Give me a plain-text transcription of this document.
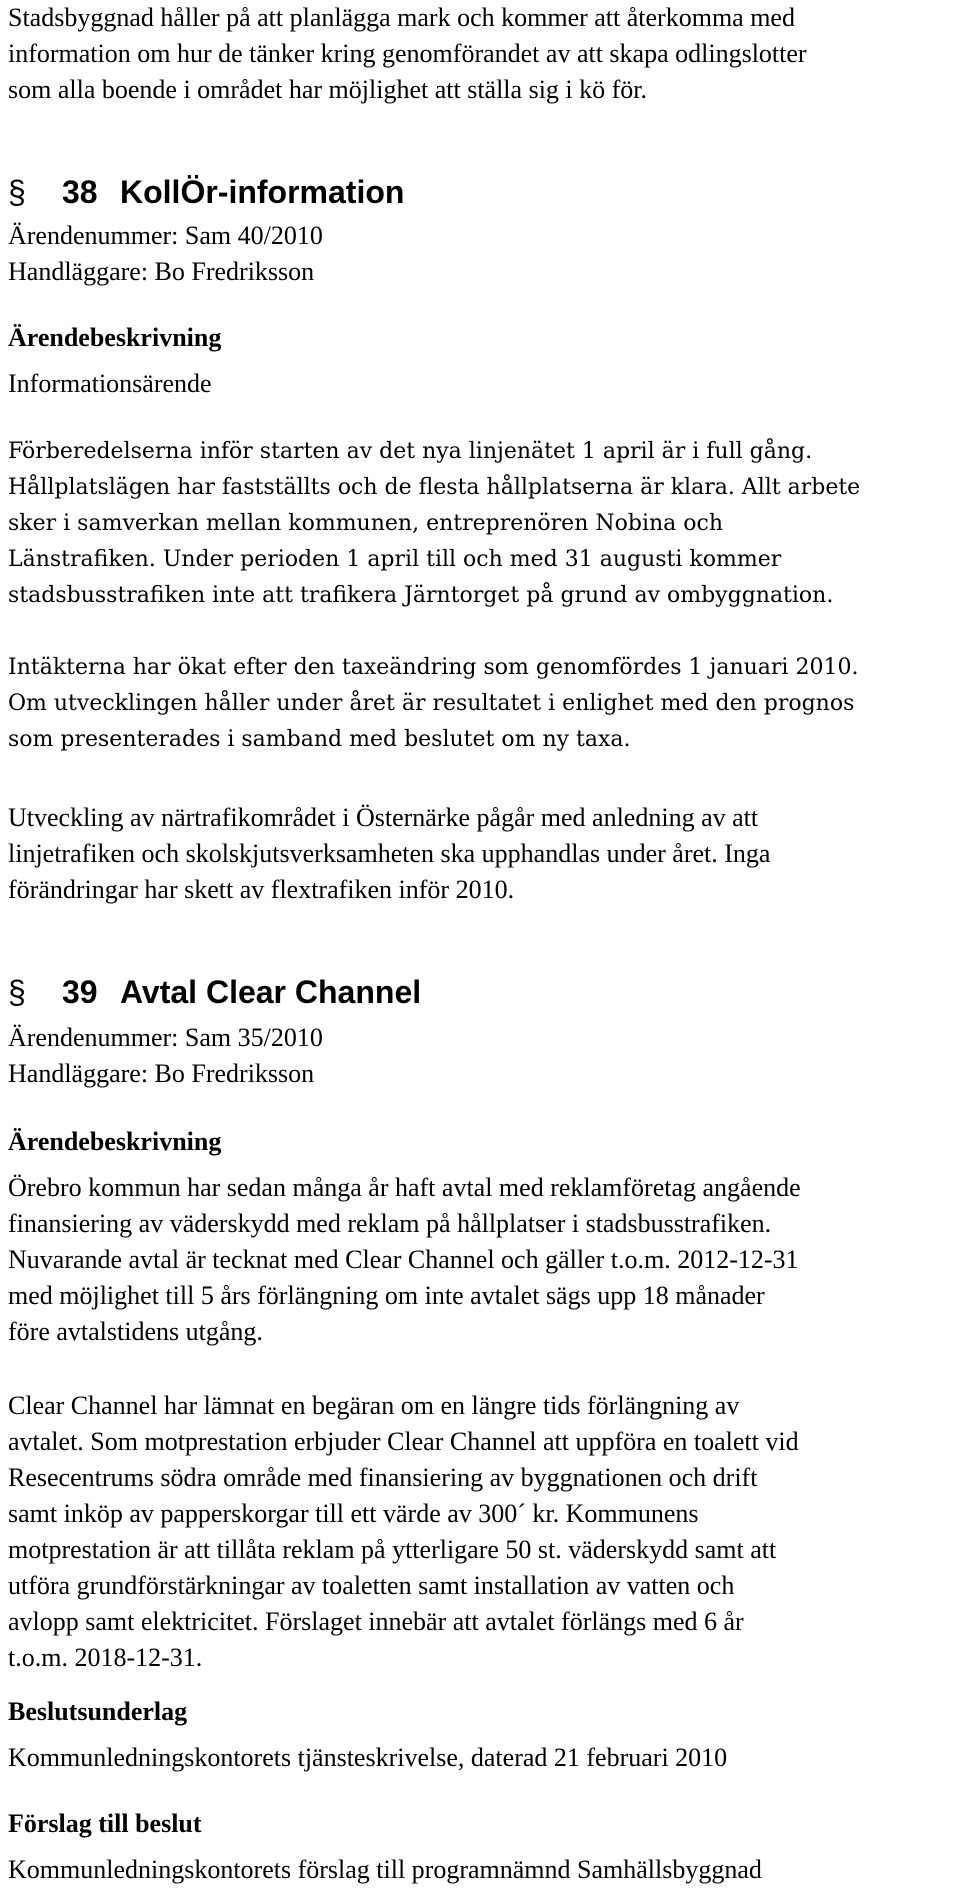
Stadsbyggnad håller på att planlägga mark och kommer att återkomma med
information om hur de tänker kring genomförandet av att skapa odlingslotter
som alla boende i området har möjlighet att ställa sig i kö för.

§ 38 KollÖr-information

Ärendenummer: Sam 40/2010

Handläggare: Bo Fredriksson

Ärendebeskrivning

Informationsärende

Förberedelserna inför starten av det nya linjenätet 1 april är i full gång.
Hållplatslägen har fastställts och de flesta hållplatserna är klara. Allt arbete
sker i samverkan mellan kommunen, entreprenören Nobina och
Länstrafiken. Under perioden 1 april till och med 31 augusti kommer
stadsbusstrafiken inte att trafikera Järntorget på grund av ombyggnation.

Intäkterna har ökat efter den taxeändring som genomfördes 1 januari 2010.
Om utvecklingen håller under året är resultatet i enlighet med den prognos
som presenterades i samband med beslutet om ny taxa.

Utveckling av närtrafikområdet i Östernärke pågår med anledning av att
linjetrafiken och skolskjutsverksamheten ska upphandlas under året. Inga
förändringar har skett av flextrafiken inför 2010.

§ 39 Avtal Clear Channel

Ärendenummer: Sam 35/2010

Handläggare: Bo Fredriksson

Ärendebeskrivning

Örebro kommun har sedan många år haft avtal med reklamföretag angående
finansiering av väderskydd med reklam på hållplatser i stadsbusstrafiken.
Nuvarande avtal är tecknat med Clear Channel och gäller t.o.m. 2012-12-31
med möjlighet till 5 års förlängning om inte avtalet sägs upp 18 månader
före avtalstidens utgång.

Clear Channel har lämnat en begäran om en längre tids förlängning av
avtalet. Som motprestation erbjuder Clear Channel att uppföra en toalett vid
Resecentrums södra område med finansiering av byggnationen och drift
samt inköp av papperskorgar till ett värde av 300´ kr. Kommunens
motprestation är att tillåta reklam på ytterligare 50 st. väderskydd samt att
utföra grundförstärkningar av toaletten samt installation av vatten och
avlopp samt elektricitet. Förslaget innebär att avtalet förlängs med 6 år
t.o.m. 2018-12-31.

Beslutsunderlag

Kommunledningskontorets tjänsteskrivelse, daterad 21 februari 2010

Förslag till beslut

Kommunledningskontorets förslag till programnämnd Samhällsbyggnad
